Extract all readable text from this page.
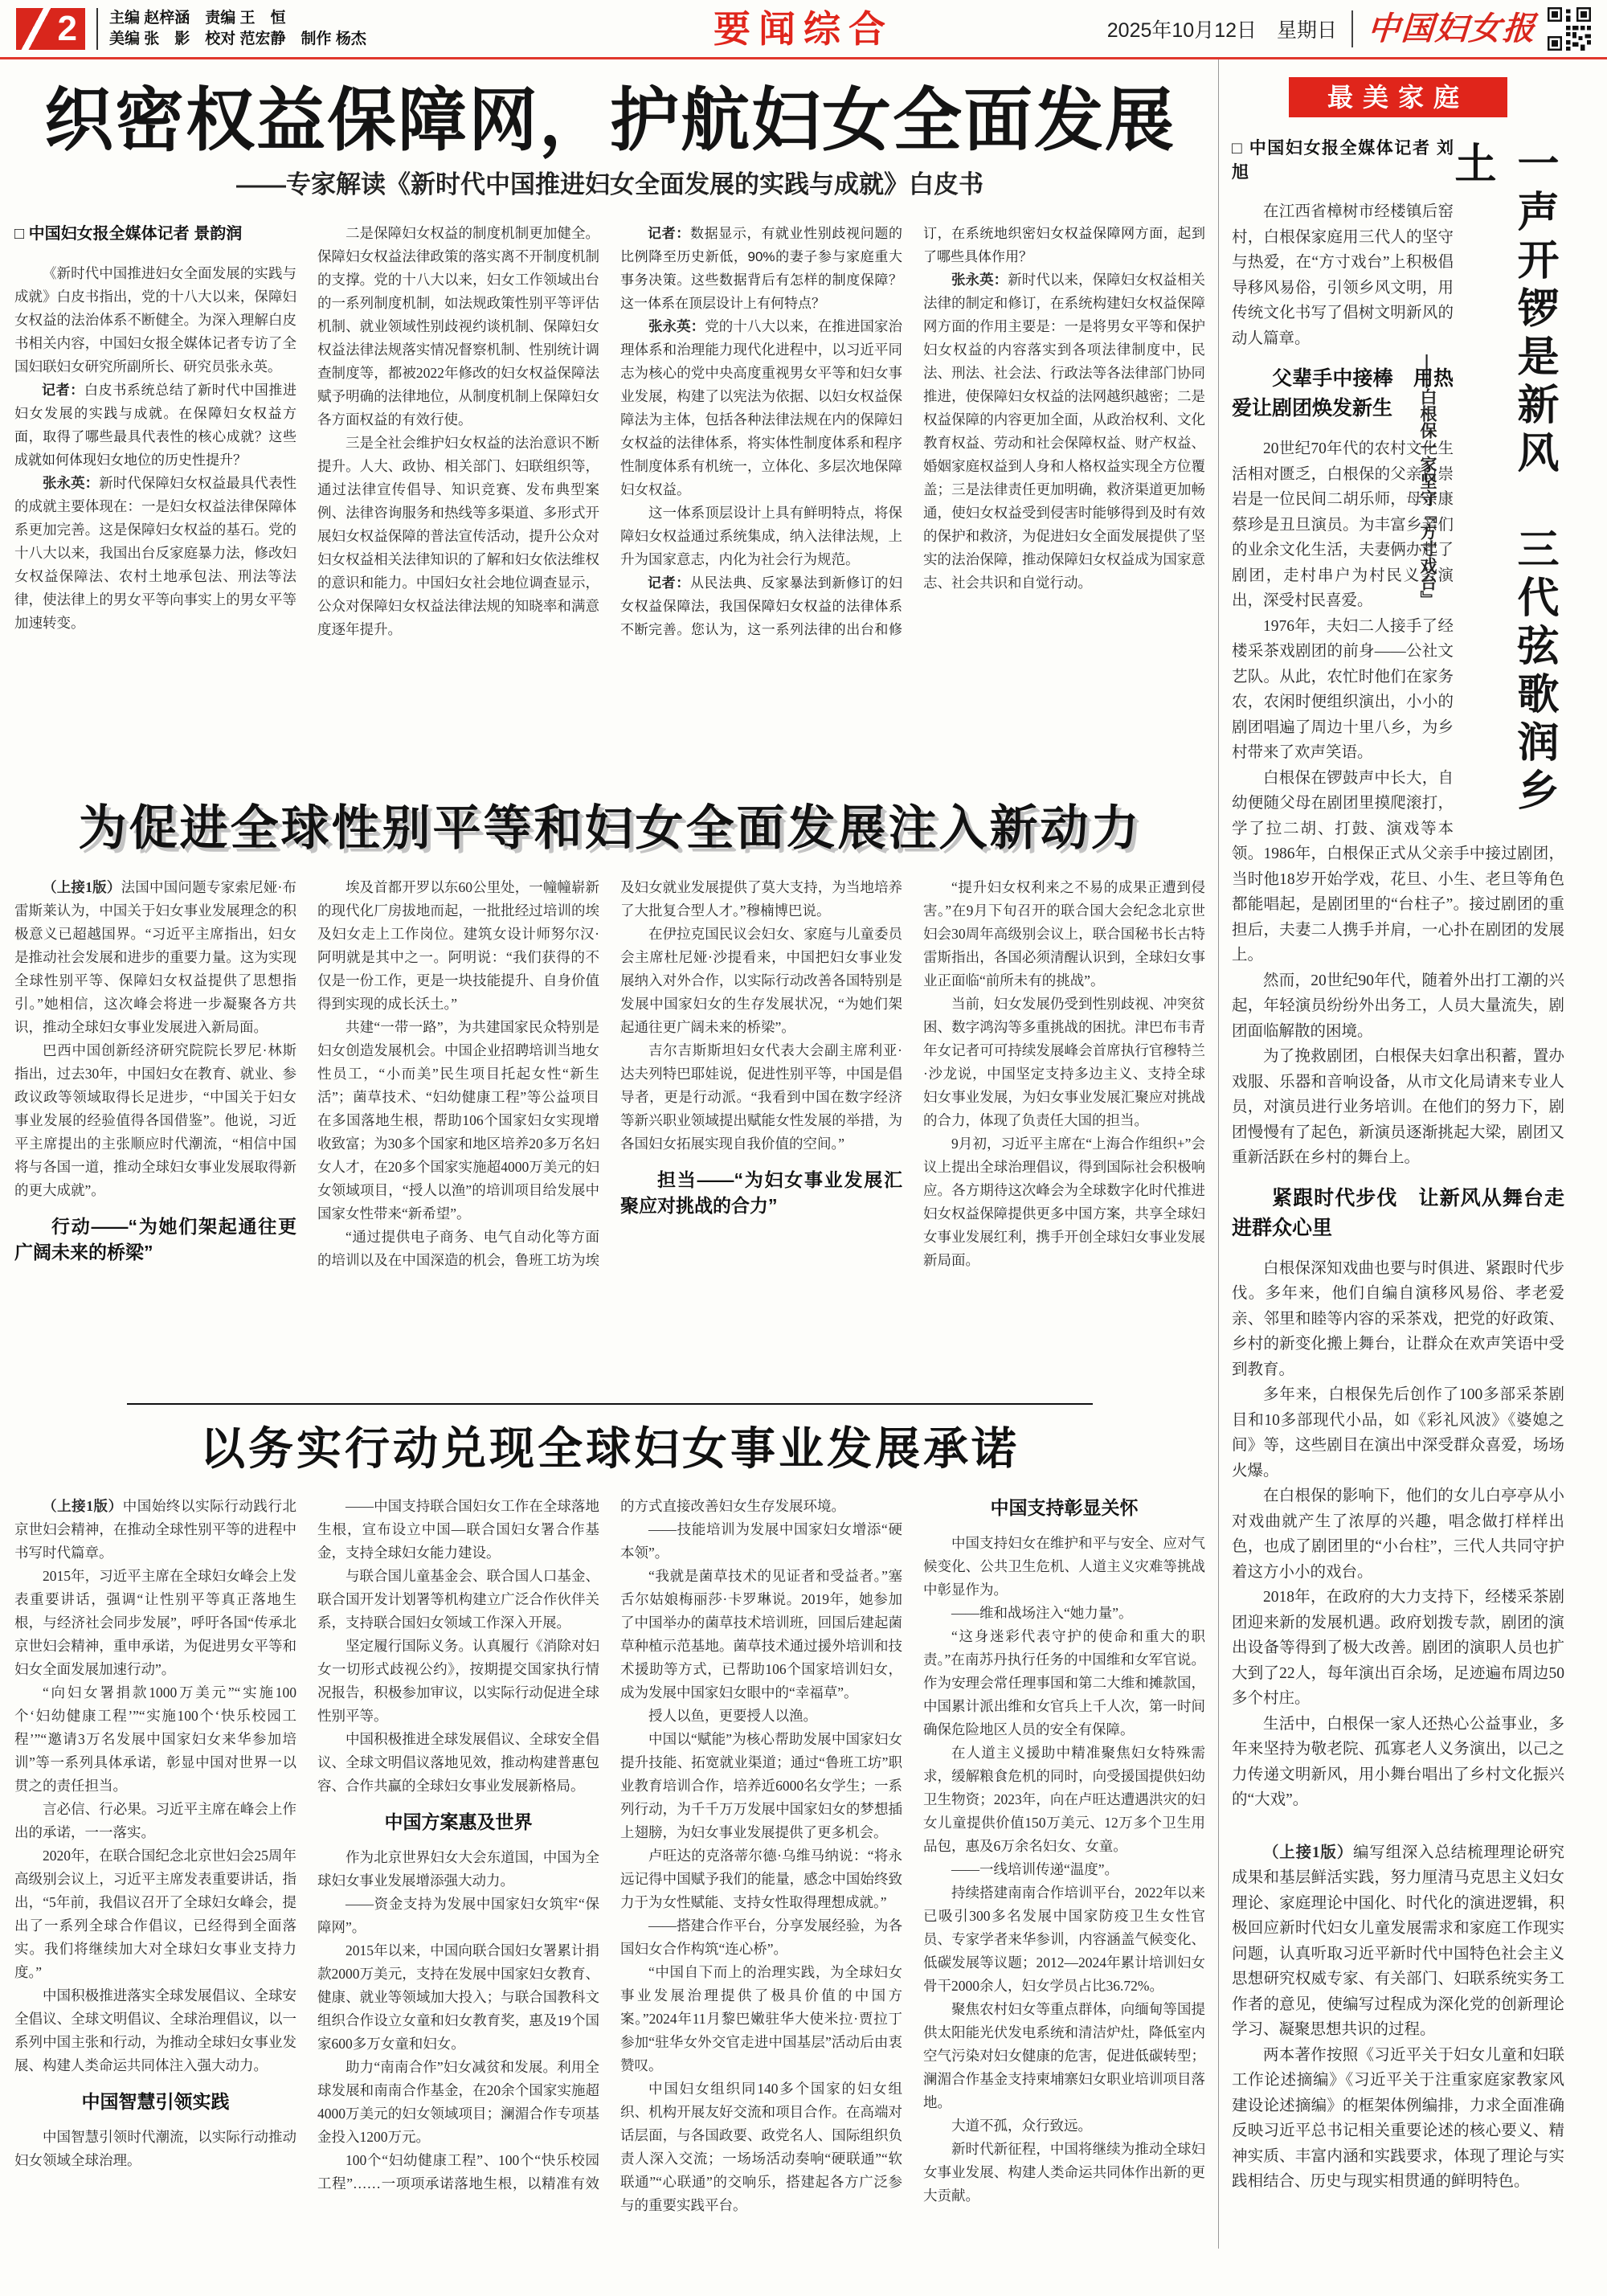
2	主编 赵梓涵　责编 王　恒
美编 张　影　校对 范宏静　制作 杨杰	要闻综合	2025年10月12日　星期日 中国妇女报
织密权益保障网，护航妇女全面发展
——专家解读《新时代中国推进妇女全面发展的实践与成就》白皮书

□ 中国妇女报全媒体记者 景韵润

《新时代中国推进妇女全面发展的实践与成就》白皮书指出，党的十八大以来，保障妇女权益的法治体系不断健全。为深入理解白皮书相关内容，中国妇女报全媒体记者专访了全国妇联妇女研究所副所长、研究员张永英。

记者：白皮书系统总结了新时代中国推进妇女发展的实践与成就。在保障妇女权益方面，取得了哪些最具代表性的核心成就？这些成就如何体现妇女地位的历史性提升？

张永英：新时代保障妇女权益最具代表性的成就主要体现在：一是妇女权益法律保障体系更加完善。这是保障妇女权益的基石。党的十八大以来，我国出台反家庭暴力法，修改妇女权益保障法、农村土地承包法、刑法等法律，使法律上的男女平等向事实上的男女平等加速转变。

二是保障妇女权益的制度机制更加健全。保障妇女权益法律政策的落实离不开制度机制的支撑。党的十八大以来，妇女工作领域出台的一系列制度机制，如法规政策性别平等评估机制、就业领域性别歧视约谈机制、保障妇女权益法律法规落实情况督察机制、性别统计调查制度等，都被2022年修改的妇女权益保障法赋予明确的法律地位，从制度机制上保障妇女各方面权益的有效行使。

三是全社会维护妇女权益的法治意识不断提升。人大、政协、相关部门、妇联组织等，通过法律宣传倡导、知识竞赛、发布典型案例、法律咨询服务和热线等多渠道、多形式开展妇女权益保障的普法宣传活动，提升公众对妇女权益相关法律知识的了解和妇女依法维权的意识和能力。中国妇女社会地位调查显示，公众对保障妇女权益法律法规的知晓率和满意度逐年提升。

记者：数据显示，有就业性别歧视问题的比例降至历史新低，90%的妻子参与家庭重大事务决策。这些数据背后有怎样的制度保障？这一体系在顶层设计上有何特点？

张永英：党的十八大以来，在推进国家治理体系和治理能力现代化进程中，以习近平同志为核心的党中央高度重视男女平等和妇女事业发展，构建了以宪法为依据、以妇女权益保障法为主体，包括各种法律法规在内的保障妇女权益的法律体系，将实体性制度体系和程序性制度体系有机统一，立体化、多层次地保障妇女权益。

这一体系顶层设计上具有鲜明特点，将保障妇女权益通过系统集成，纳入法律法规，上升为国家意志，内化为社会行为规范。

记者：从民法典、反家暴法到新修订的妇女权益保障法，我国保障妇女权益的法律体系不断完善。您认为，这一系列法律的出台和修订，在系统地织密妇女权益保障网方面，起到了哪些具体作用？

张永英：新时代以来，保障妇女权益相关法律的制定和修订，在系统构建妇女权益保障网方面的作用主要是：一是将男女平等和保护妇女权益的内容落实到各项法律制度中，民法、刑法、社会法、行政法等各法律部门协同推进，使保障妇女权益的法网越织越密；二是权益保障的内容更加全面，从政治权利、文化教育权益、劳动和社会保障权益、财产权益、婚姻家庭权益到人身和人格权益实现全方位覆盖；三是法律责任更加明确，救济渠道更加畅通，使妇女权益受到侵害时能够得到及时有效的保护和救济，为促进妇女全面发展提供了坚实的法治保障，推动保障妇女权益成为国家意志、社会共识和自觉行动。

为促进全球性别平等和妇女全面发展注入新动力

（上接1版）法国中国问题专家索尼娅·布雷斯莱认为，中国关于妇女事业发展理念的积极意义已超越国界。“习近平主席指出，妇女是推动社会发展和进步的重要力量。这为实现全球性别平等、保障妇女权益提供了思想指引。”她相信，这次峰会将进一步凝聚各方共识，推动全球妇女事业发展进入新局面。

巴西中国创新经济研究院院长罗尼·林斯指出，过去30年，中国妇女在教育、就业、参政议政等领域取得长足进步，“中国关于妇女事业发展的经验值得各国借鉴”。他说，习近平主席提出的主张顺应时代潮流，“相信中国将与各国一道，推动全球妇女事业发展取得新的更大成就”。

行动——“为她们架起通往更广阔未来的桥梁”

埃及首都开罗以东60公里处，一幢幢崭新的现代化厂房拔地而起，一批批经过培训的埃及妇女走上工作岗位。建筑女设计师努尔汉·阿明就是其中之一。阿明说：“我们获得的不仅是一份工作，更是一块技能提升、自身价值得到实现的成长沃土。”

共建“一带一路”，为共建国家民众特别是妇女创造发展机会。中国企业招聘培训当地女性员工，“小而美”民生项目托起女性“新生活”；菌草技术、“妇幼健康工程”等公益项目在多国落地生根，帮助106个国家妇女实现增收致富；为30多个国家和地区培养20多万名妇女人才，在20多个国家实施超4000万美元的妇女领域项目，“授人以渔”的培训项目给发展中国家女性带来“新希望”。

“通过提供电子商务、电气自动化等方面的培训以及在中国深造的机会，鲁班工坊为埃及妇女就业发展提供了莫大支持，为当地培养了大批复合型人才。”穆楠博巴说。

在伊拉克国民议会妇女、家庭与儿童委员会主席杜尼娅·沙提看来，中国把妇女事业发展纳入对外合作，以实际行动改善各国特别是发展中国家妇女的生存发展状况，“为她们架起通往更广阔未来的桥梁”。

吉尔吉斯斯坦妇女代表大会副主席利亚·达夫列特巴耶娃说，促进性别平等，中国是倡导者，更是行动派。“我看到中国在数字经济等新兴职业领域提出赋能女性发展的举措，为各国妇女拓展实现自我价值的空间。”

担当——“为妇女事业发展汇聚应对挑战的合力”

“提升妇女权利来之不易的成果正遭到侵害。”在9月下旬召开的联合国大会纪念北京世妇会30周年高级别会议上，联合国秘书长古特雷斯指出，各国必须清醒认识到，全球妇女事业正面临“前所未有的挑战”。

当前，妇女发展仍受到性别歧视、冲突贫困、数字鸿沟等多重挑战的困扰。津巴布韦青年女记者可可持续发展峰会首席执行官穆特兰·沙龙说，中国坚定支持多边主义、支持全球妇女事业发展，为妇女事业发展汇聚应对挑战的合力，体现了负责任大国的担当。

9月初，习近平主席在“上海合作组织+”会议上提出全球治理倡议，得到国际社会积极响应。各方期待这次峰会为全球数字化时代推进妇女权益保障提供更多中国方案，共享全球妇女事业发展红利，携手开创全球妇女事业发展新局面。

以务实行动兑现全球妇女事业发展承诺

（上接1版）中国始终以实际行动践行北京世妇会精神，在推动全球性别平等的进程中书写时代篇章。

2015年，习近平主席在全球妇女峰会上发表重要讲话，强调“让性别平等真正落地生根，与经济社会同步发展”，呼吁各国“传承北京世妇会精神，重申承诺，为促进男女平等和妇女全面发展加速行动”。

“向妇女署捐款1000万美元”“实施100个‘妇幼健康工程’”“实施100个‘快乐校园工程’”“邀请3万名发展中国家妇女来华参加培训”等一系列具体承诺，彰显中国对世界一以贯之的责任担当。

言必信、行必果。习近平主席在峰会上作出的承诺，一一落实。

2020年，在联合国纪念北京世妇会25周年高级别会议上，习近平主席发表重要讲话，指出，“5年前，我倡议召开了全球妇女峰会，提出了一系列全球合作倡议，已经得到全面落实。我们将继续加大对全球妇女事业支持力度。”

中国积极推进落实全球发展倡议、全球安全倡议、全球文明倡议、全球治理倡议，以一系列中国主张和行动，为推动全球妇女事业发展、构建人类命运共同体注入强大动力。

中国智慧引领实践

中国智慧引领时代潮流，以实际行动推动妇女领域全球治理。

——中国支持联合国妇女工作在全球落地生根，宣布设立中国—联合国妇女署合作基金，支持全球妇女能力建设。

与联合国儿童基金会、联合国人口基金、联合国开发计划署等机构建立广泛合作伙伴关系，支持联合国妇女领域工作深入开展。

坚定履行国际义务。认真履行《消除对妇女一切形式歧视公约》，按期提交国家执行情况报告，积极参加审议，以实际行动促进全球性别平等。

中国积极推进全球发展倡议、全球安全倡议、全球文明倡议落地见效，推动构建普惠包容、合作共赢的全球妇女事业发展新格局。

中国方案惠及世界

作为北京世界妇女大会东道国，中国为全球妇女事业发展增添强大动力。

——资金支持为发展中国家妇女筑牢“保障网”。

2015年以来，中国向联合国妇女署累计捐款2000万美元，支持在发展中国家妇女教育、健康、就业等领域加大投入；与联合国教科文组织合作设立女童和妇女教育奖，惠及19个国家600多万女童和妇女。

助力“南南合作”妇女减贫和发展。利用全球发展和南南合作基金，在20余个国家实施超4000万美元的妇女领域项目；澜湄合作专项基金投入1200万元。

100个“妇幼健康工程”、100个“快乐校园工程”……一项项承诺落地生根，以精准有效的方式直接改善妇女生存发展环境。

——技能培训为发展中国家妇女增添“硬本领”。

“我就是菌草技术的见证者和受益者。”塞舌尔姑娘梅丽莎·卡罗琳说。2019年，她参加了中国举办的菌草技术培训班，回国后建起菌草种植示范基地。菌草技术通过援外培训和技术援助等方式，已帮助106个国家培训妇女，成为发展中国家妇女眼中的“幸福草”。

授人以鱼，更要授人以渔。

中国以“赋能”为核心帮助发展中国家妇女提升技能、拓宽就业渠道；通过“鲁班工坊”职业教育培训合作，培养近6000名女学生；一系列行动，为千千万万发展中国家妇女的梦想插上翅膀，为妇女事业发展提供了更多机会。

卢旺达的克洛蒂尔德·乌维马纳说：“将永远记得中国赋予我们的能量，感念中国始终致力于为女性赋能、支持女性取得理想成就。”

——搭建合作平台，分享发展经验，为各国妇女合作构筑“连心桥”。

“中国自下而上的治理实践，为全球妇女事业发展治理提供了极具价值的中国方案。”2024年11月黎巴嫩驻华大使米拉·贾拉丁参加“驻华女外交官走进中国基层”活动后由衷赞叹。

中国妇女组织同140多个国家的妇女组织、机构开展友好交流和项目合作。在高端对话层面，与各国政要、政党名人、国际组织负责人深入交流；一场场活动奏响“硬联通”“软联通”“心联通”的交响乐，搭建起各方广泛参与的重要实践平台。

中国支持彰显关怀

中国支持妇女在维护和平与安全、应对气候变化、公共卫生危机、人道主义灾难等挑战中彰显作为。

——维和战场注入“她力量”。

“这身迷彩代表守护的使命和重大的职责。”在南苏丹执行任务的中国维和女军官说。作为安理会常任理事国和第二大维和摊款国，中国累计派出维和女官兵上千人次，第一时间确保危险地区人员的安全有保障。

在人道主义援助中精准聚焦妇女特殊需求，缓解粮食危机的同时，向受援国提供妇幼卫生物资；2023年，向在卢旺达遭遇洪灾的妇女儿童提供价值150万美元、12万多个卫生用品包，惠及6万余名妇女、女童。

——一线培训传递“温度”。

持续搭建南南合作培训平台，2022年以来已吸引300多名发展中国家防疫卫生女性官员、专家学者来华参训，内容涵盖气候变化、低碳发展等议题；2012—2024年累计培训妇女骨干2000余人，妇女学员占比36.72%。

聚焦农村妇女等重点群体，向缅甸等国提供太阳能光伏发电系统和清洁炉灶，降低室内空气污染对妇女健康的危害，促进低碳转型；澜湄合作基金支持柬埔寨妇女职业培训项目落地。

大道不孤，众行致远。

新时代新征程，中国将继续为推动全球妇女事业发展、构建人类命运共同体作出新的更大贡献。

最美家庭
一声开锣是新风　三代弦歌润乡土
——白根保一家坚守『方寸戏台』

□ 中国妇女报全媒体记者 刘旭

在江西省樟树市经楼镇后窑村，白根保家庭用三代人的坚守与热爱，在“方寸戏台”上积极倡导移风易俗，引领乡风文明，用传统文化书写了倡树文明新风的动人篇章。

父辈手中接棒　用热爱让剧团焕发新生

20世纪70年代的农村文化生活相对匮乏，白根保的父亲白崇岩是一位民间二胡乐师，母亲康蔡珍是丑旦演员。为丰富乡亲们的业余文化生活，夫妻俩办起了剧团，走村串户为村民义务演出，深受村民喜爱。

1976年，夫妇二人接手了经楼采茶戏剧团的前身——公社文艺队。从此，农忙时他们在家务农，农闲时便组织演出，小小的剧团唱遍了周边十里八乡，为乡村带来了欢声笑语。

白根保在锣鼓声中长大，自幼便随父母在剧团里摸爬滚打，学了拉二胡、打鼓、演戏等本领。1986年，白根保正式从父亲手中接过剧团，当时他18岁开始学戏，花旦、小生、老旦等角色都能唱起，是剧团里的“台柱子”。接过剧团的重担后，夫妻二人携手并肩，一心扑在剧团的发展上。

然而，20世纪90年代，随着外出打工潮的兴起，年轻演员纷纷外出务工，人员大量流失，剧团面临解散的困境。

为了挽救剧团，白根保夫妇拿出积蓄，置办戏服、乐器和音响设备，从市文化局请来专业人员，对演员进行业务培训。在他们的努力下，剧团慢慢有了起色，新演员逐渐挑起大梁，剧团又重新活跃在乡村的舞台上。

紧跟时代步伐　让新风从舞台走进群众心里

白根保深知戏曲也要与时俱进、紧跟时代步伐。多年来，他们自编自演移风易俗、孝老爱亲、邻里和睦等内容的采茶戏，把党的好政策、乡村的新变化搬上舞台，让群众在欢声笑语中受到教育。

多年来，白根保先后创作了100多部采茶剧目和10多部现代小品，如《彩礼风波》《婆媳之间》等，这些剧目在演出中深受群众喜爱，场场火爆。

在白根保的影响下，他们的女儿白亭亭从小对戏曲就产生了浓厚的兴趣，唱念做打样样出色，也成了剧团里的“小台柱”，三代人共同守护着这方小小的戏台。

2018年，在政府的大力支持下，经楼采茶剧团迎来新的发展机遇。政府划拨专款，剧团的演出设备等得到了极大改善。剧团的演职人员也扩大到了22人，每年演出百余场，足迹遍布周边50多个村庄。

生活中，白根保一家人还热心公益事业，多年来坚持为敬老院、孤寡老人义务演出，以己之力传递文明新风，用小舞台唱出了乡村文化振兴的“大戏”。

（上接1版）编写组深入总结梳理理论研究成果和基层鲜活实践，努力厘清马克思主义妇女理论、家庭理论中国化、时代化的演进逻辑，积极回应新时代妇女儿童发展需求和家庭工作现实问题，认真听取习近平新时代中国特色社会主义思想研究权威专家、有关部门、妇联系统实务工作者的意见，使编写过程成为深化党的创新理论学习、凝聚思想共识的过程。

两本著作按照《习近平关于妇女儿童和妇联工作论述摘编》《习近平关于注重家庭家教家风建设论述摘编》的框架体例编排，力求全面准确反映习近平总书记相关重要论述的核心要义、精神实质、丰富内涵和实践要求，体现了理论与实践相结合、历史与现实相贯通的鲜明特色。
